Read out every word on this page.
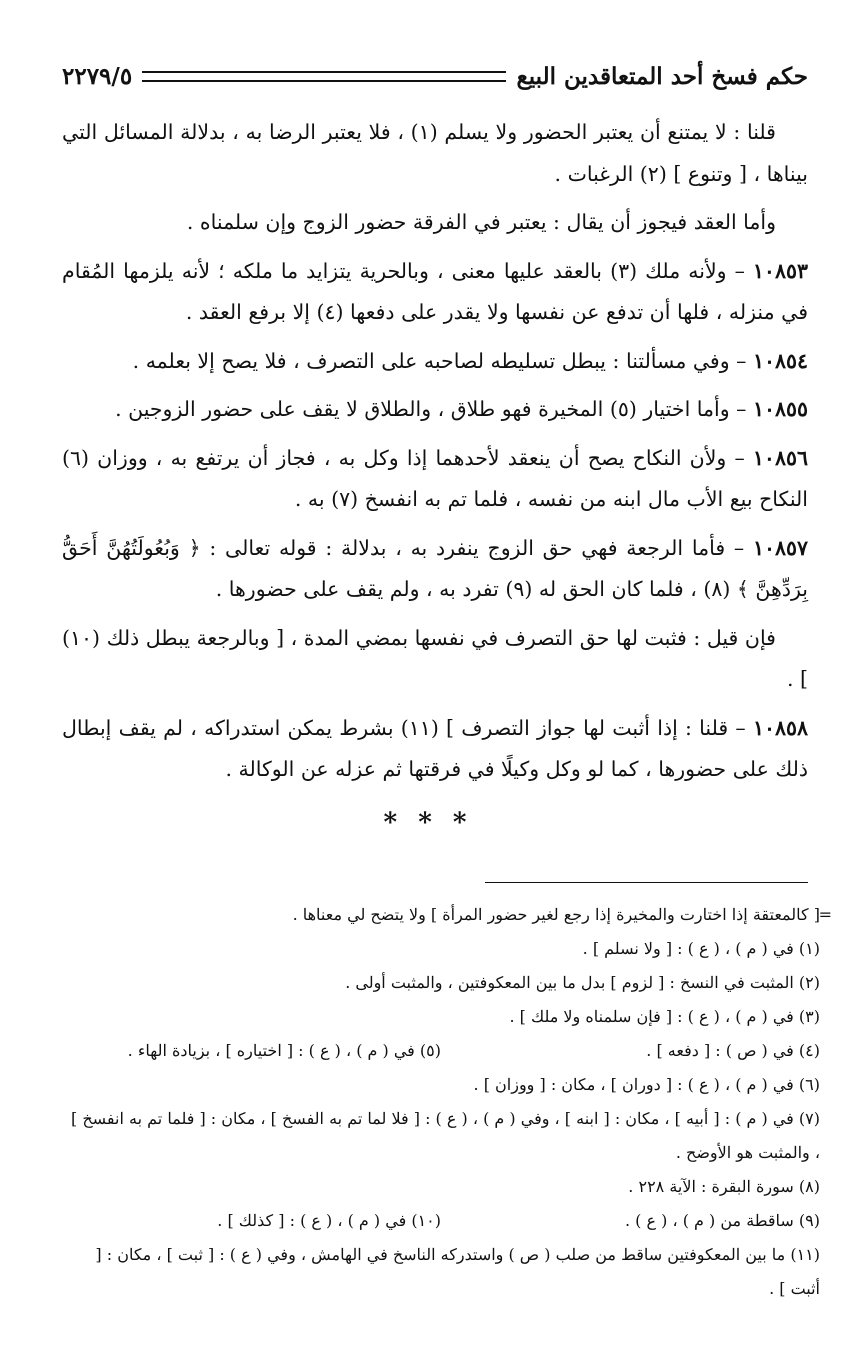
حكم فسخ أحد المتعاقدين البيع
٢٢٧٩/٥

قلنا : لا يمتنع أن يعتبر الحضور ولا يسلم (١) ، فلا يعتبر الرضا به ، بدلالة المسائل التي بيناها ، [ وتنوع ] (٢) الرغبات .

وأما العقد فيجوز أن يقال : يعتبر في الفرقة حضور الزوج وإن سلمناه .

١٠٨٥٣ – ولأنه ملك (٣) بالعقد عليها معنى ، وبالحرية يتزايد ما ملكه ؛ لأنه يلزمها المُقام في منزله ، فلها أن تدفع عن نفسها ولا يقدر على دفعها (٤) إلا برفع العقد .

١٠٨٥٤ – وفي مسألتنا : يبطل تسليطه لصاحبه على التصرف ، فلا يصح إلا بعلمه .

١٠٨٥٥ – وأما اختيار (٥) المخيرة فهو طلاق ، والطلاق لا يقف على حضور الزوجين .

١٠٨٥٦ – ولأن النكاح يصح أن ينعقد لأحدهما إذا وكل به ، فجاز أن يرتفع به ، ووزان (٦) النكاح بيع الأب مال ابنه من نفسه ، فلما تم به انفسخ (٧) به .

١٠٨٥٧ – فأما الرجعة فهي حق الزوج ينفرد به ، بدلالة : قوله تعالى : ﴿ وَبُعُولَتُهُنَّ أَحَقُّ بِرَدِّهِنَّ ﴾ (٨) ، فلما كان الحق له (٩) تفرد به ، ولم يقف على حضورها .

فإن قيل : فثبت لها حق التصرف في نفسها بمضي المدة ، [ وبالرجعة يبطل ذلك (١٠) ] .

١٠٨٥٨ – قلنا : إذا أثبت لها جواز التصرف ] (١١) بشرط يمكن استدراكه ، لم يقف إبطال ذلك على حضورها ، كما لو وكل وكيلًا في فرقتها ثم عزله عن الوكالة .

* * *
=
[ كالمعتقة إذا اختارت والمخيرة إذا رجع لغير حضور المرأة ] ولا يتضح لي معناها .
(١) في ( م ) ، ( ع ) : [ ولا نسلم ] .
(٢) المثبت في النسخ : [ لزوم ] بدل ما بين المعكوفتين ، والمثبت أولى .
(٣) في ( م ) ، ( ع ) : [ فإن سلمناه ولا ملك ] .
(٤) في ( ص ) : [ دفعه ] .
(٥) في ( م ) ، ( ع ) : [ اختياره ] ، بزيادة الهاء .
(٦) في ( م ) ، ( ع ) : [ دوران ] ، مكان : [ ووزان ] .
(٧) في ( م ) : [ أبيه ] ، مكان : [ ابنه ] ، وفي ( م ) ، ( ع ) : [ فلا لما تم به الفسخ ] ، مكان : [ فلما تم به انفسخ ] ، والمثبت هو الأوضح .
(٨) سورة البقرة : الآية ٢٢٨ .
(٩) ساقطة من ( م ) ، ( ع ) .
(١٠) في ( م ) ، ( ع ) : [ كذلك ] .
(١١) ما بين المعكوفتين ساقط من صلب ( ص ) واستدركه الناسخ في الهامش ، وفي ( ع ) : [ ثبت ] ، مكان : [ أثبت ] .
